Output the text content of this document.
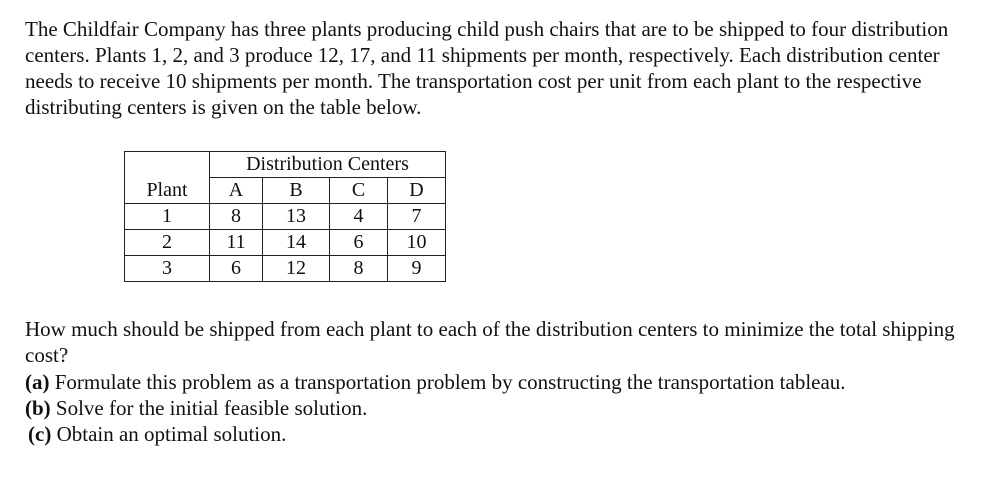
The Childfair Company has three plants producing child push chairs that are to be shipped to four distribution centers. Plants 1, 2, and 3 produce 12, 17, and 11 shipments per month, respectively. Each distribution center needs to receive 10 shipments per month. The transportation cost per unit from each plant to the respective distributing centers is given on the table below.

	Distribution Centers			
Plant	A	B	C	D
1	8	13	4	7
2	11	14	6	10
3	6	12	8	9

How much should be shipped from each plant to each of the distribution centers to minimize the total shipping cost?

(a) Formulate this problem as a transportation problem by constructing the transportation tableau.

(b) Solve for the initial feasible solution.

(c) Obtain an optimal solution.
